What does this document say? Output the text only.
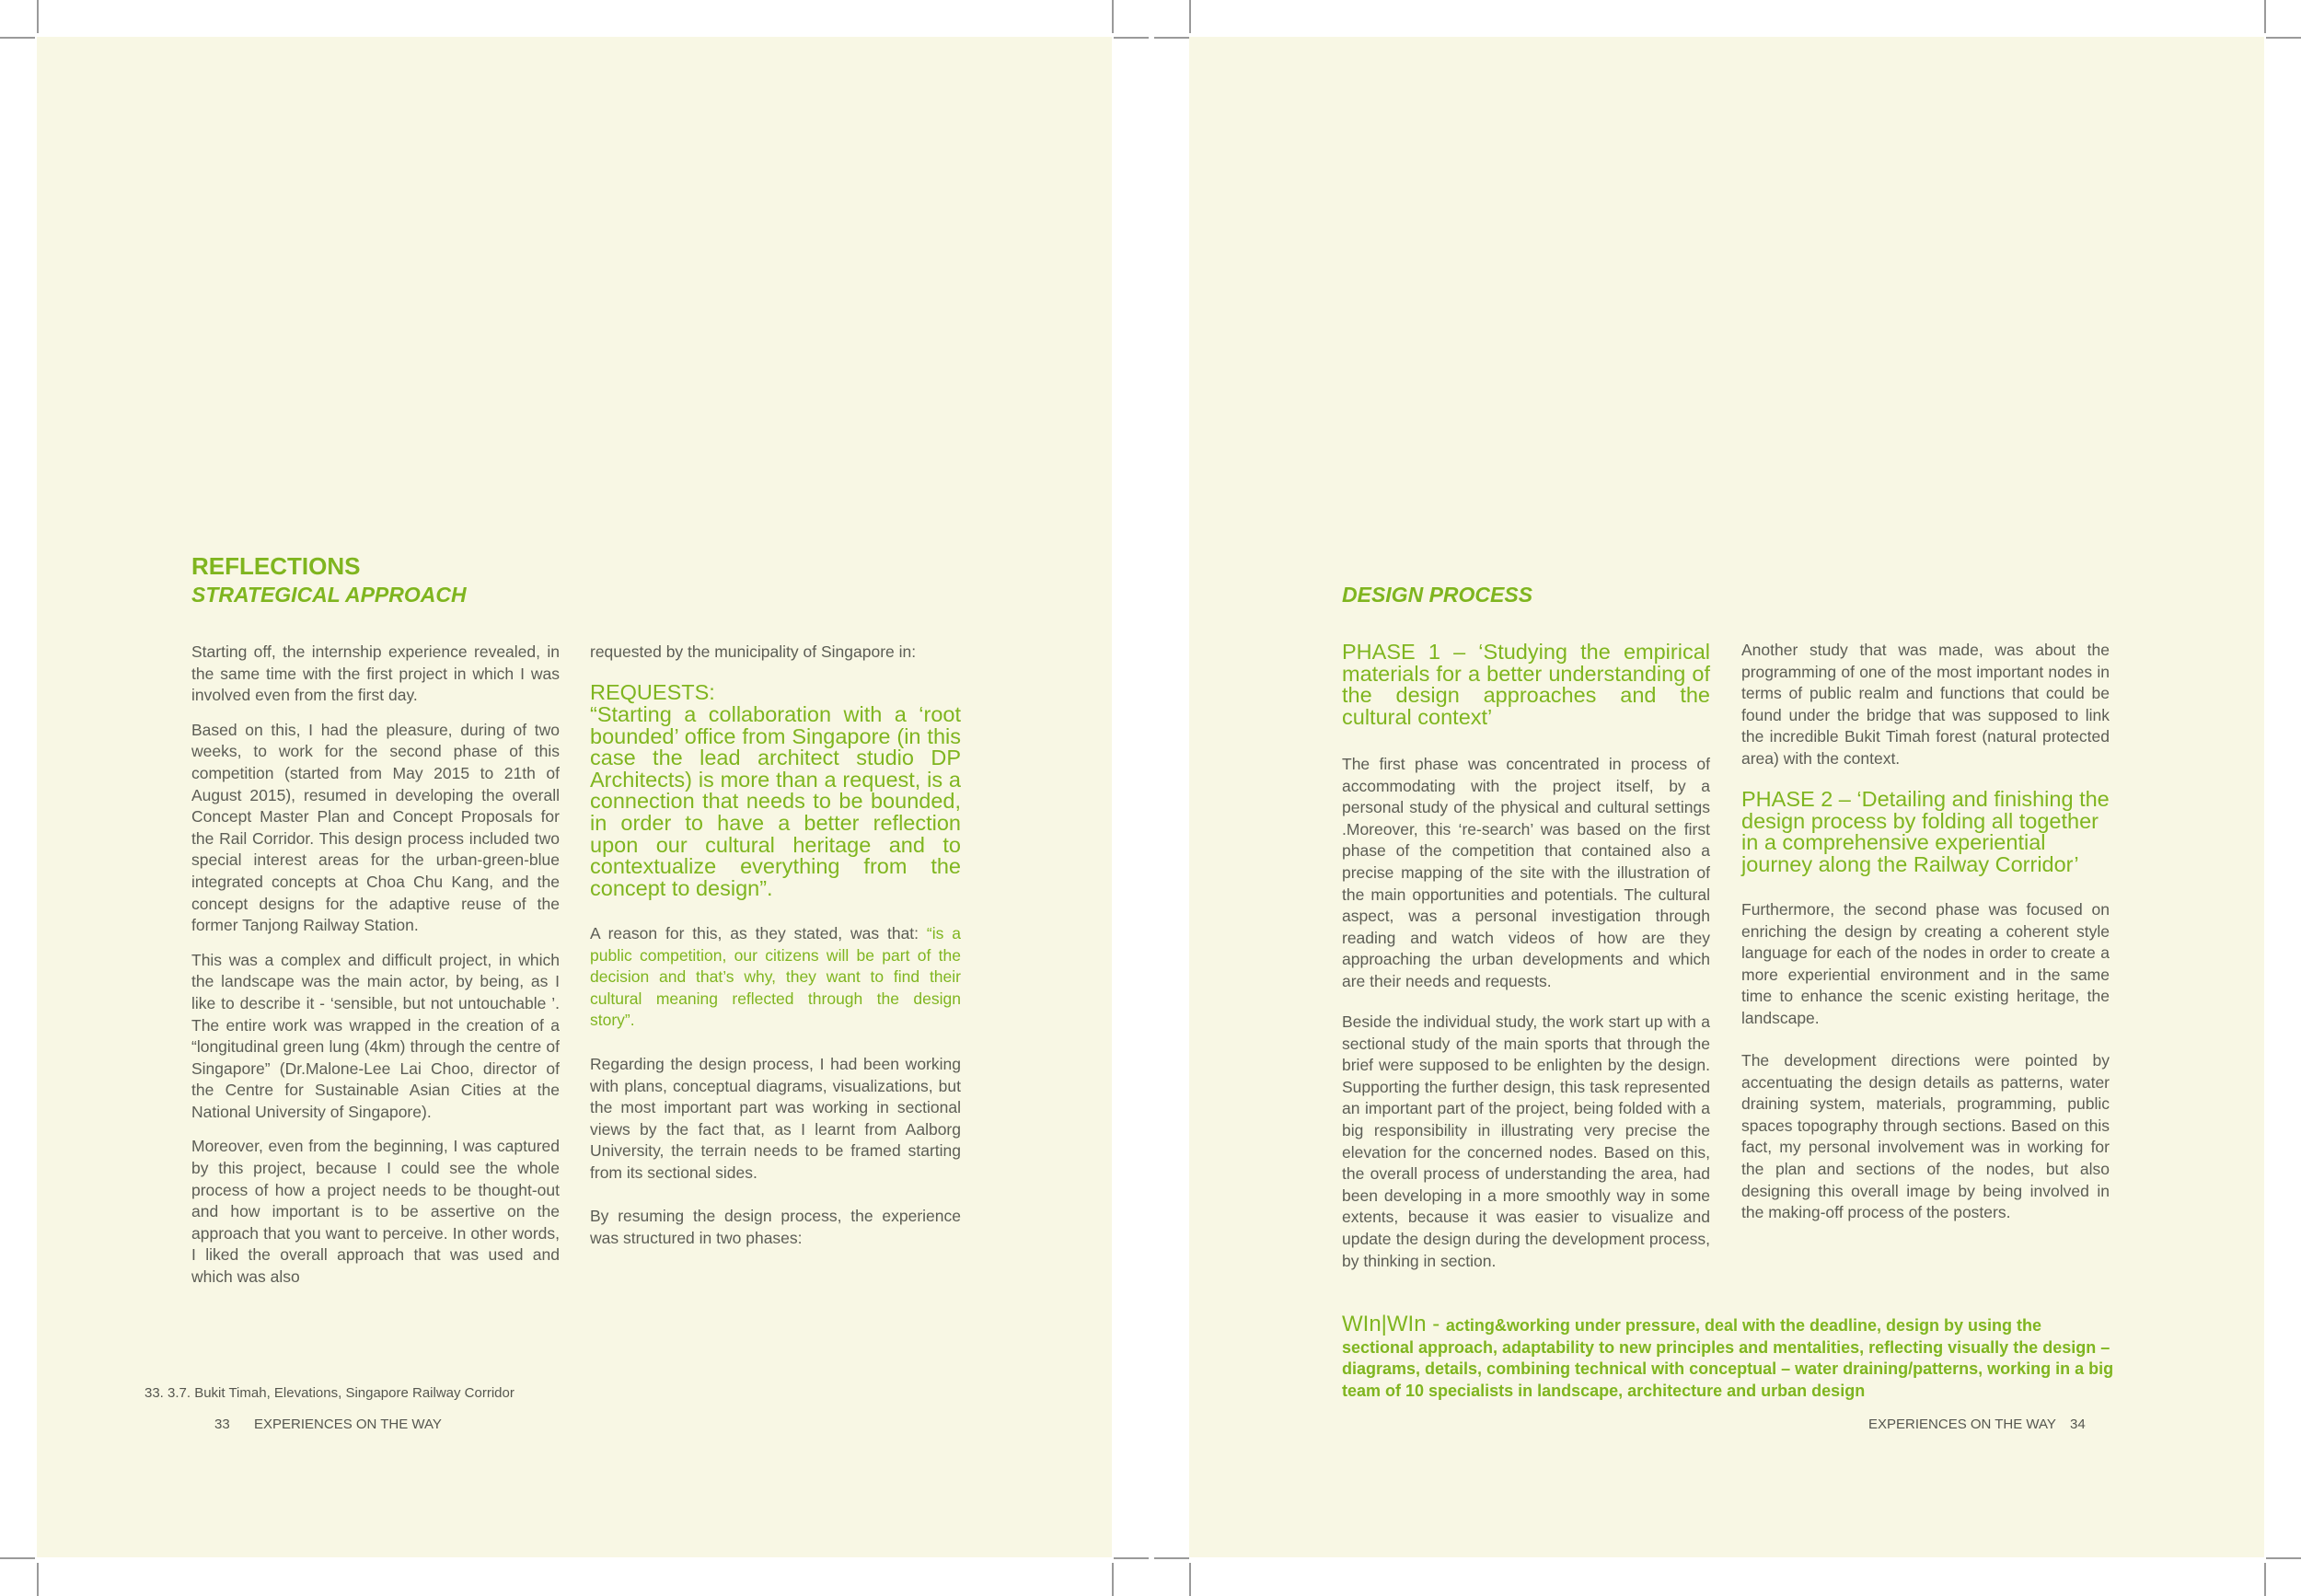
REFLECTIONS
STRATEGICAL APPROACH

Starting off, the internship experience revealed, in the same time with the first project in which I was involved even from the first day.

Based on this, I had the pleasure, during of two weeks, to work for the second phase of this competition (started from May 2015 to 21th of August 2015), resumed in developing the overall Concept Master Plan and Concept Proposals for the Rail Corridor. This design process included two special interest areas for the urban-green-blue integrated concepts at Choa Chu Kang, and the concept designs for the adaptive reuse of the former Tanjong Railway Station.

This was a complex and difficult project, in which the landscape was the main actor, by being, as I like to describe it - ‘sensible, but not untouchable ’. The entire work was wrapped in the creation of a “longitudinal green lung (4km) through the centre of Singapore” (Dr.Malone-Lee Lai Choo, director of the Centre for Sustainable Asian Cities at the National University of Singapore).

Moreover, even from the beginning, I was captured by this project, because I could see the whole process of how a project needs to be thought-out and how important is to be assertive on the approach that you want to perceive. In other words, I liked the overall approach that was used and which was also

requested by the municipality of Singapore in:
REQUESTS:
“Starting a collaboration with a ‘root bounded’ office from Singapore (in this case the lead architect studio DP Architects) is more than a request, is a connection that needs to be bounded, in order to have a better reflection upon our cultural heritage and to contextualize everything from the concept to design”.
A reason for this, as they stated, was that: “is a public competition, our citizens will be part of the decision and that’s why, they want to find their cultural meaning reflected through the design story”.
Regarding the design process, I had been working with plans, conceptual diagrams, visualizations, but the most important part was working in sectional views by the fact that, as I learnt from Aalborg University, the terrain needs to be framed starting from its sectional sides.
By resuming the design process, the experience was structured in two phases:
33. 3.7. Bukit Timah, Elevations, Singapore Railway Corridor
33 EXPERIENCES ON THE WAY
DESIGN PROCESS
PHASE 1 – ‘Studying the empirical materials for a better understanding of the design approaches and the cultural context’
The first phase was concentrated in process of accommodating with the project itself, by a personal study of the physical and cultural settings .Moreover, this ‘re-search’ was based on the first phase of the competition that contained also a precise mapping of the site with the illustration of the main opportunities and potentials. The cultural aspect, was a personal investigation through reading and watch videos of how are they approaching the urban developments and which are their needs and requests.
Beside the individual study, the work start up with a sectional study of the main sports that through the brief were supposed to be enlighten by the design. Supporting the further design, this task represented an important part of the project, being folded with a big responsibility in illustrating very precise the elevation for the concerned nodes. Based on this, the overall process of understanding the area, had been developing in a more smoothly way in some extents, because it was easier to visualize and update the design during the development process, by thinking in section.
Another study that was made, was about the programming of one of the most important nodes in terms of public realm and functions that could be found under the bridge that was supposed to link the incredible Bukit Timah forest (natural protected area) with the context.
PHASE 2 – ‘Detailing and finishing the design process by folding all together in a comprehensive experiential journey along the Railway Corridor’
Furthermore, the second phase was focused on enriching the design by creating a coherent style language for each of the nodes in order to create a more experiential environment and in the same time to enhance the scenic existing heritage, the landscape.
The development directions were pointed by accentuating the design details as patterns, water draining system, materials, programming, public spaces topography through sections. Based on this fact, my personal involvement was in working for the plan and sections of the nodes, but also designing this overall image by being involved in the making-off process of the posters.
WIn|WIn - acting&working under pressure, deal with the deadline, design by using the sectional approach, adaptability to new principles and mentalities, reflecting visually the design – diagrams, details, combining technical with conceptual – water draining/patterns, working in a big team of 10 specialists in landscape, architecture and urban design
EXPERIENCES ON THE WAY 34
